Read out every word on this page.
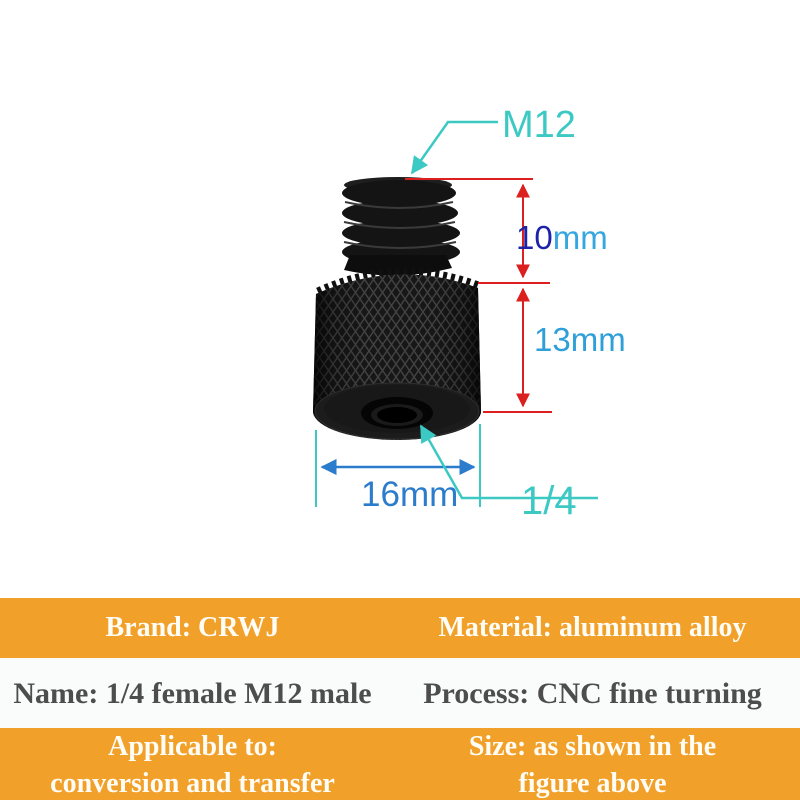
M12
10mm
13mm
16mm 1/4
Brand: CRWJ	Material: aluminum alloy
Name: 1/4 female M12 male Process: CNC fine turning
Applicable to:
conversion and transfer
Size: as shown in the
figure above
